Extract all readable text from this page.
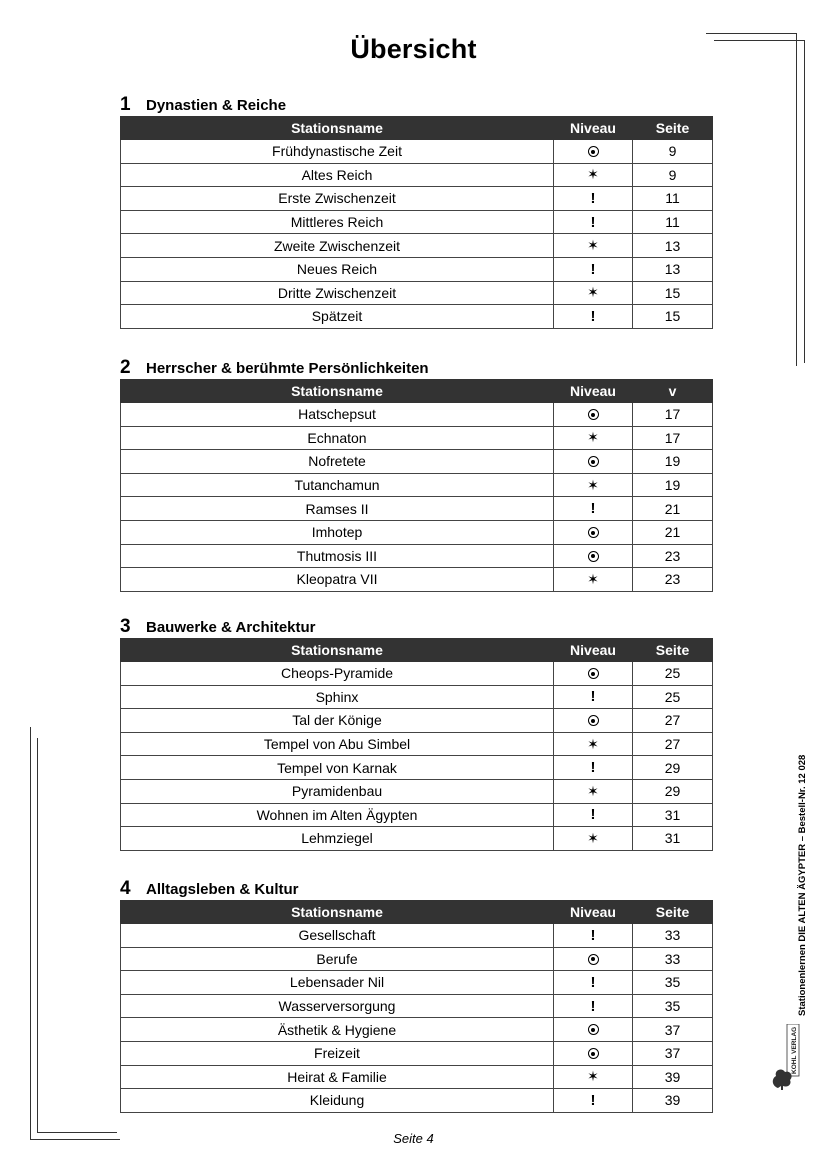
Übersicht
1 Dynastien & Reiche
Stationsname	Niveau	Seite
Frühdynastische Zeit		9
Altes Reich	✶	9
Erste Zwischenzeit	!	11
Mittleres Reich	!	11
Zweite Zwischenzeit	✶	13
Neues Reich	!	13
Dritte Zwischenzeit	✶	15
Spätzeit	!	15
2 Herrscher & berühmte Persönlichkeiten
Stationsname	Niveau	v
Hatschepsut		17
Echnaton	✶	17
Nofretete		19
Tutanchamun	✶	19
Ramses II	!	21
Imhotep		21
Thutmosis III		23
Kleopatra VII	✶	23
3 Bauwerke & Architektur
Stationsname	Niveau	Seite
Cheops-Pyramide		25
Sphinx	!	25
Tal der Könige		27
Tempel von Abu Simbel	✶	27
Tempel von Karnak	!	29
Pyramidenbau	✶	29
Wohnen im Alten Ägypten	!	31
Lehmziegel	✶	31
4 Alltagsleben & Kultur
Stationsname	Niveau	Seite
Gesellschaft	!	33
Berufe		33
Lebensader Nil	!	35
Wasserversorgung	!	35
Ästhetik & Hygiene		37
Freizeit		37
Heirat & Familie	✶	39
Kleidung	!	39
Seite 4
Stationenlernen DIE ALTEN ÄGYPTER – Bestell-Nr. 12 028
KOHL VERLAG
